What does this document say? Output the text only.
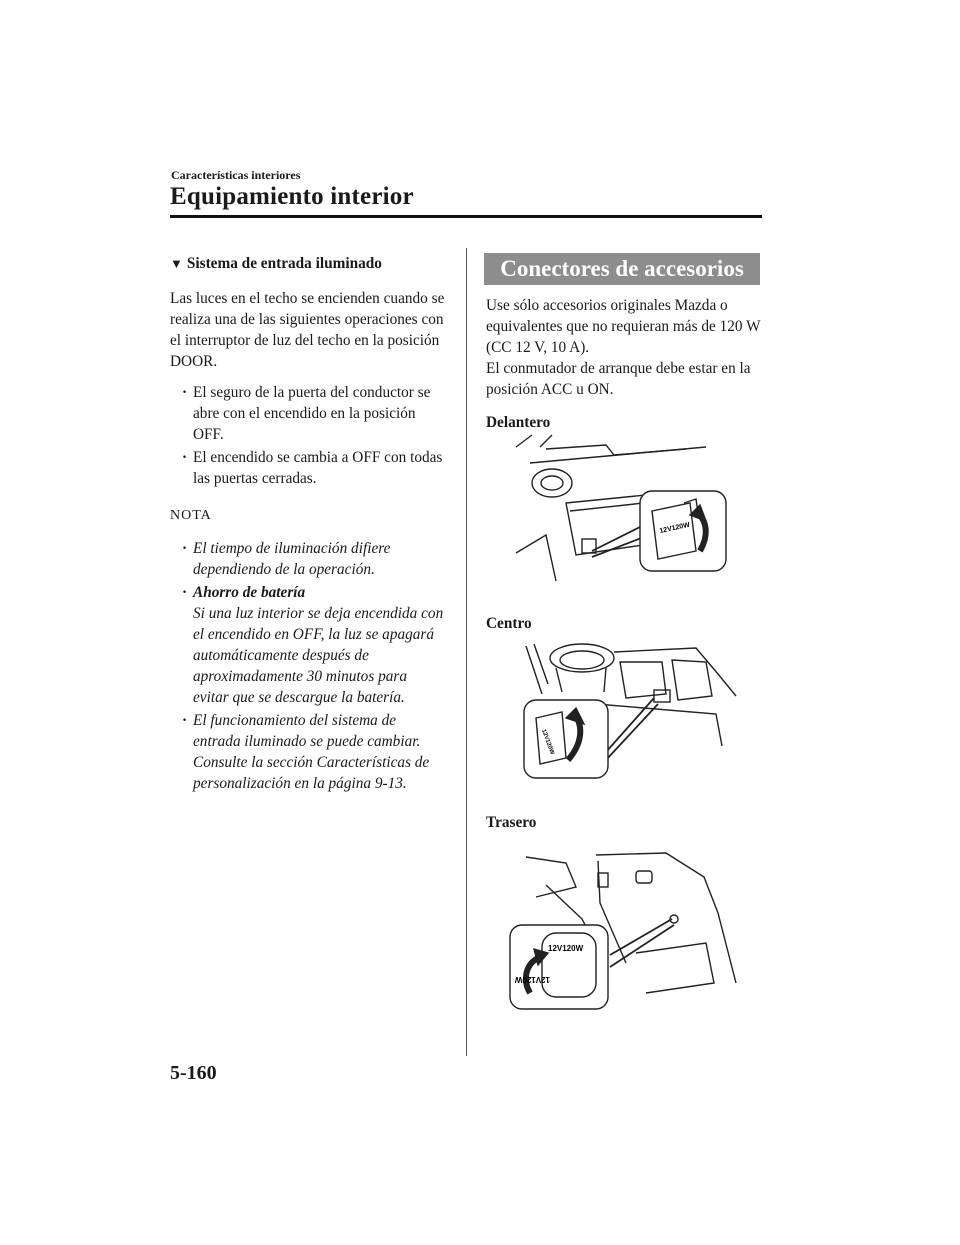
Características interiores
Equipamiento interior
▼ Sistema de entrada iluminado

Las luces en el techo se encienden cuando se realiza una de las siguientes operaciones con el interruptor de luz del techo en la posición DOOR.

· El seguro de la puerta del conductor se abre con el encendido en la posición OFF.
· El encendido se cambia a OFF con todas las puertas cerradas.
NOTA
· El tiempo de iluminación difiere dependiendo de la operación.
· Ahorro de batería
Si una luz interior se deja encendida con el encendido en OFF, la luz se apagará automáticamente después de aproximadamente 30 minutos para evitar que se descargue la batería.
· El funcionamiento del sistema de entrada iluminado se puede cambiar. Consulte la sección Características de personalización en la página 9-13.
Conectores de accesorios

Use sólo accesorios originales Mazda o equivalentes que no requieran más de 120 W (CC 12 V, 10 A).

El conmutador de arranque debe estar en la posición ACC u ON.

Delantero

12V120W

Centro

12V120W

Trasero

12V120W
12V120W
5-160
